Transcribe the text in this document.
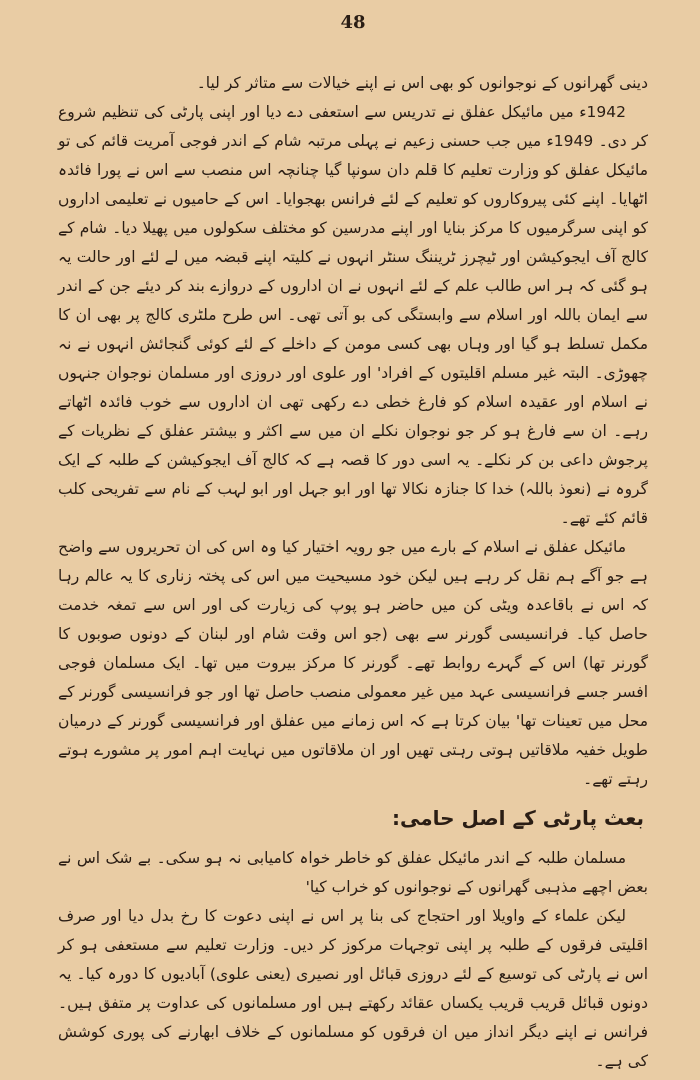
48

دینی گھرانوں کے نوجوانوں کو بھی اس نے اپنے خیالات سے متاثر کر لیا۔

1942ء میں مائیکل عفلق نے تدریس سے استعفی دے دیا اور اپنی پارٹی کی تنظیم شروع کر دی۔ 1949ء میں جب حسنی زعیم نے پہلی مرتبہ شام کے اندر فوجی آمریت قائم کی تو مائیکل عفلق کو وزارت تعلیم کا قلم دان سونپا گیا چنانچہ اس منصب سے اس نے پورا فائدہ اٹھایا۔ اپنے کئی پیروکاروں کو تعلیم کے لئے فرانس بھجوایا۔ اس کے حامیوں نے تعلیمی اداروں کو اپنی سرگرمیوں کا مرکز بنایا اور اپنے مدرسین کو مختلف سکولوں میں پھیلا دیا۔ شام کے کالج آف ایجوکیشن اور ٹیچرز ٹریننگ سنٹر انہوں نے کلیتہ اپنے قبضہ میں لے لئے اور حالت یہ ہو گئی کہ ہر اس طالب علم کے لئے انہوں نے ان اداروں کے دروازے بند کر دیئے جن کے اندر سے ایمان باللہ اور اسلام سے وابستگی کی بو آتی تھی۔ اس طرح ملٹری کالج پر بھی ان کا مکمل تسلط ہو گیا اور وہاں بھی کسی مومن کے داخلے کے لئے کوئی گنجائش انہوں نے نہ چھوڑی۔ البتہ غیر مسلم اقلیتوں کے افراد' اور علوی اور دروزی اور مسلمان نوجوان جنہوں نے اسلام اور عقیدہ اسلام کو فارغ خطی دے رکھی تھی ان اداروں سے خوب فائدہ اٹھاتے رہے۔ ان سے فارغ ہو کر جو نوجوان نکلے ان میں سے اکثر و بیشتر عفلق کے نظریات کے پرجوش داعی بن کر نکلے۔ یہ اسی دور کا قصہ ہے کہ کالج آف ایجوکیشن کے طلبہ کے ایک گروہ نے (نعوذ باللہ) خدا کا جنازہ نکالا تھا اور ابو جہل اور ابو لہب کے نام سے تفریحی کلب قائم کئے تھے۔

مائیکل عفلق نے اسلام کے بارے میں جو رویہ اختیار کیا وہ اس کی ان تحریروں سے واضح ہے جو آگے ہم نقل کر رہے ہیں لیکن خود مسیحیت میں اس کی پختہ زناری کا یہ عالم رہا کہ اس نے باقاعدہ ویٹی کن میں حاضر ہو پوپ کی زیارت کی اور اس سے تمغہ خدمت حاصل کیا۔ فرانسیسی گورنر سے بھی (جو اس وقت شام اور لبنان کے دونوں صوبوں کا گورنر تھا) اس کے گہرے روابط تھے۔ گورنر کا مرکز بیروت میں تھا۔ ایک مسلمان فوجی افسر جسے فرانسیسی عہد میں غیر معمولی منصب حاصل تھا اور جو فرانسیسی گورنر کے محل میں تعینات تھا' بیان کرتا ہے کہ اس زمانے میں عفلق اور فرانسیسی گورنر کے درمیان طویل خفیہ ملاقاتیں ہوتی رہتی تھیں اور ان ملاقاتوں میں نہایت اہم امور پر مشورے ہوتے رہتے تھے۔

بعث پارٹی کے اصل حامی:

مسلمان طلبہ کے اندر مائیکل عفلق کو خاطر خواہ کامیابی نہ ہو سکی۔ بے شک اس نے بعض اچھے مذہبی گھرانوں کے نوجوانوں کو خراب کیا'

لیکن علماء کے واویلا اور احتجاج کی بنا پر اس نے اپنی دعوت کا رخ بدل دیا اور صرف اقلیتی فرقوں کے طلبہ پر اپنی توجہات مرکوز کر دیں۔ وزارت تعلیم سے مستعفی ہو کر اس نے پارٹی کی توسیع کے لئے دروزی قبائل اور نصیری (یعنی علوی) آبادیوں کا دورہ کیا۔ یہ دونوں قبائل قریب قریب یکساں عقائد رکھتے ہیں اور مسلمانوں کی عداوت پر متفق ہیں۔ فرانس نے اپنے دیگر انداز میں ان فرقوں کو مسلمانوں کے خلاف ابھارنے کی پوری کوشش کی ہے۔
